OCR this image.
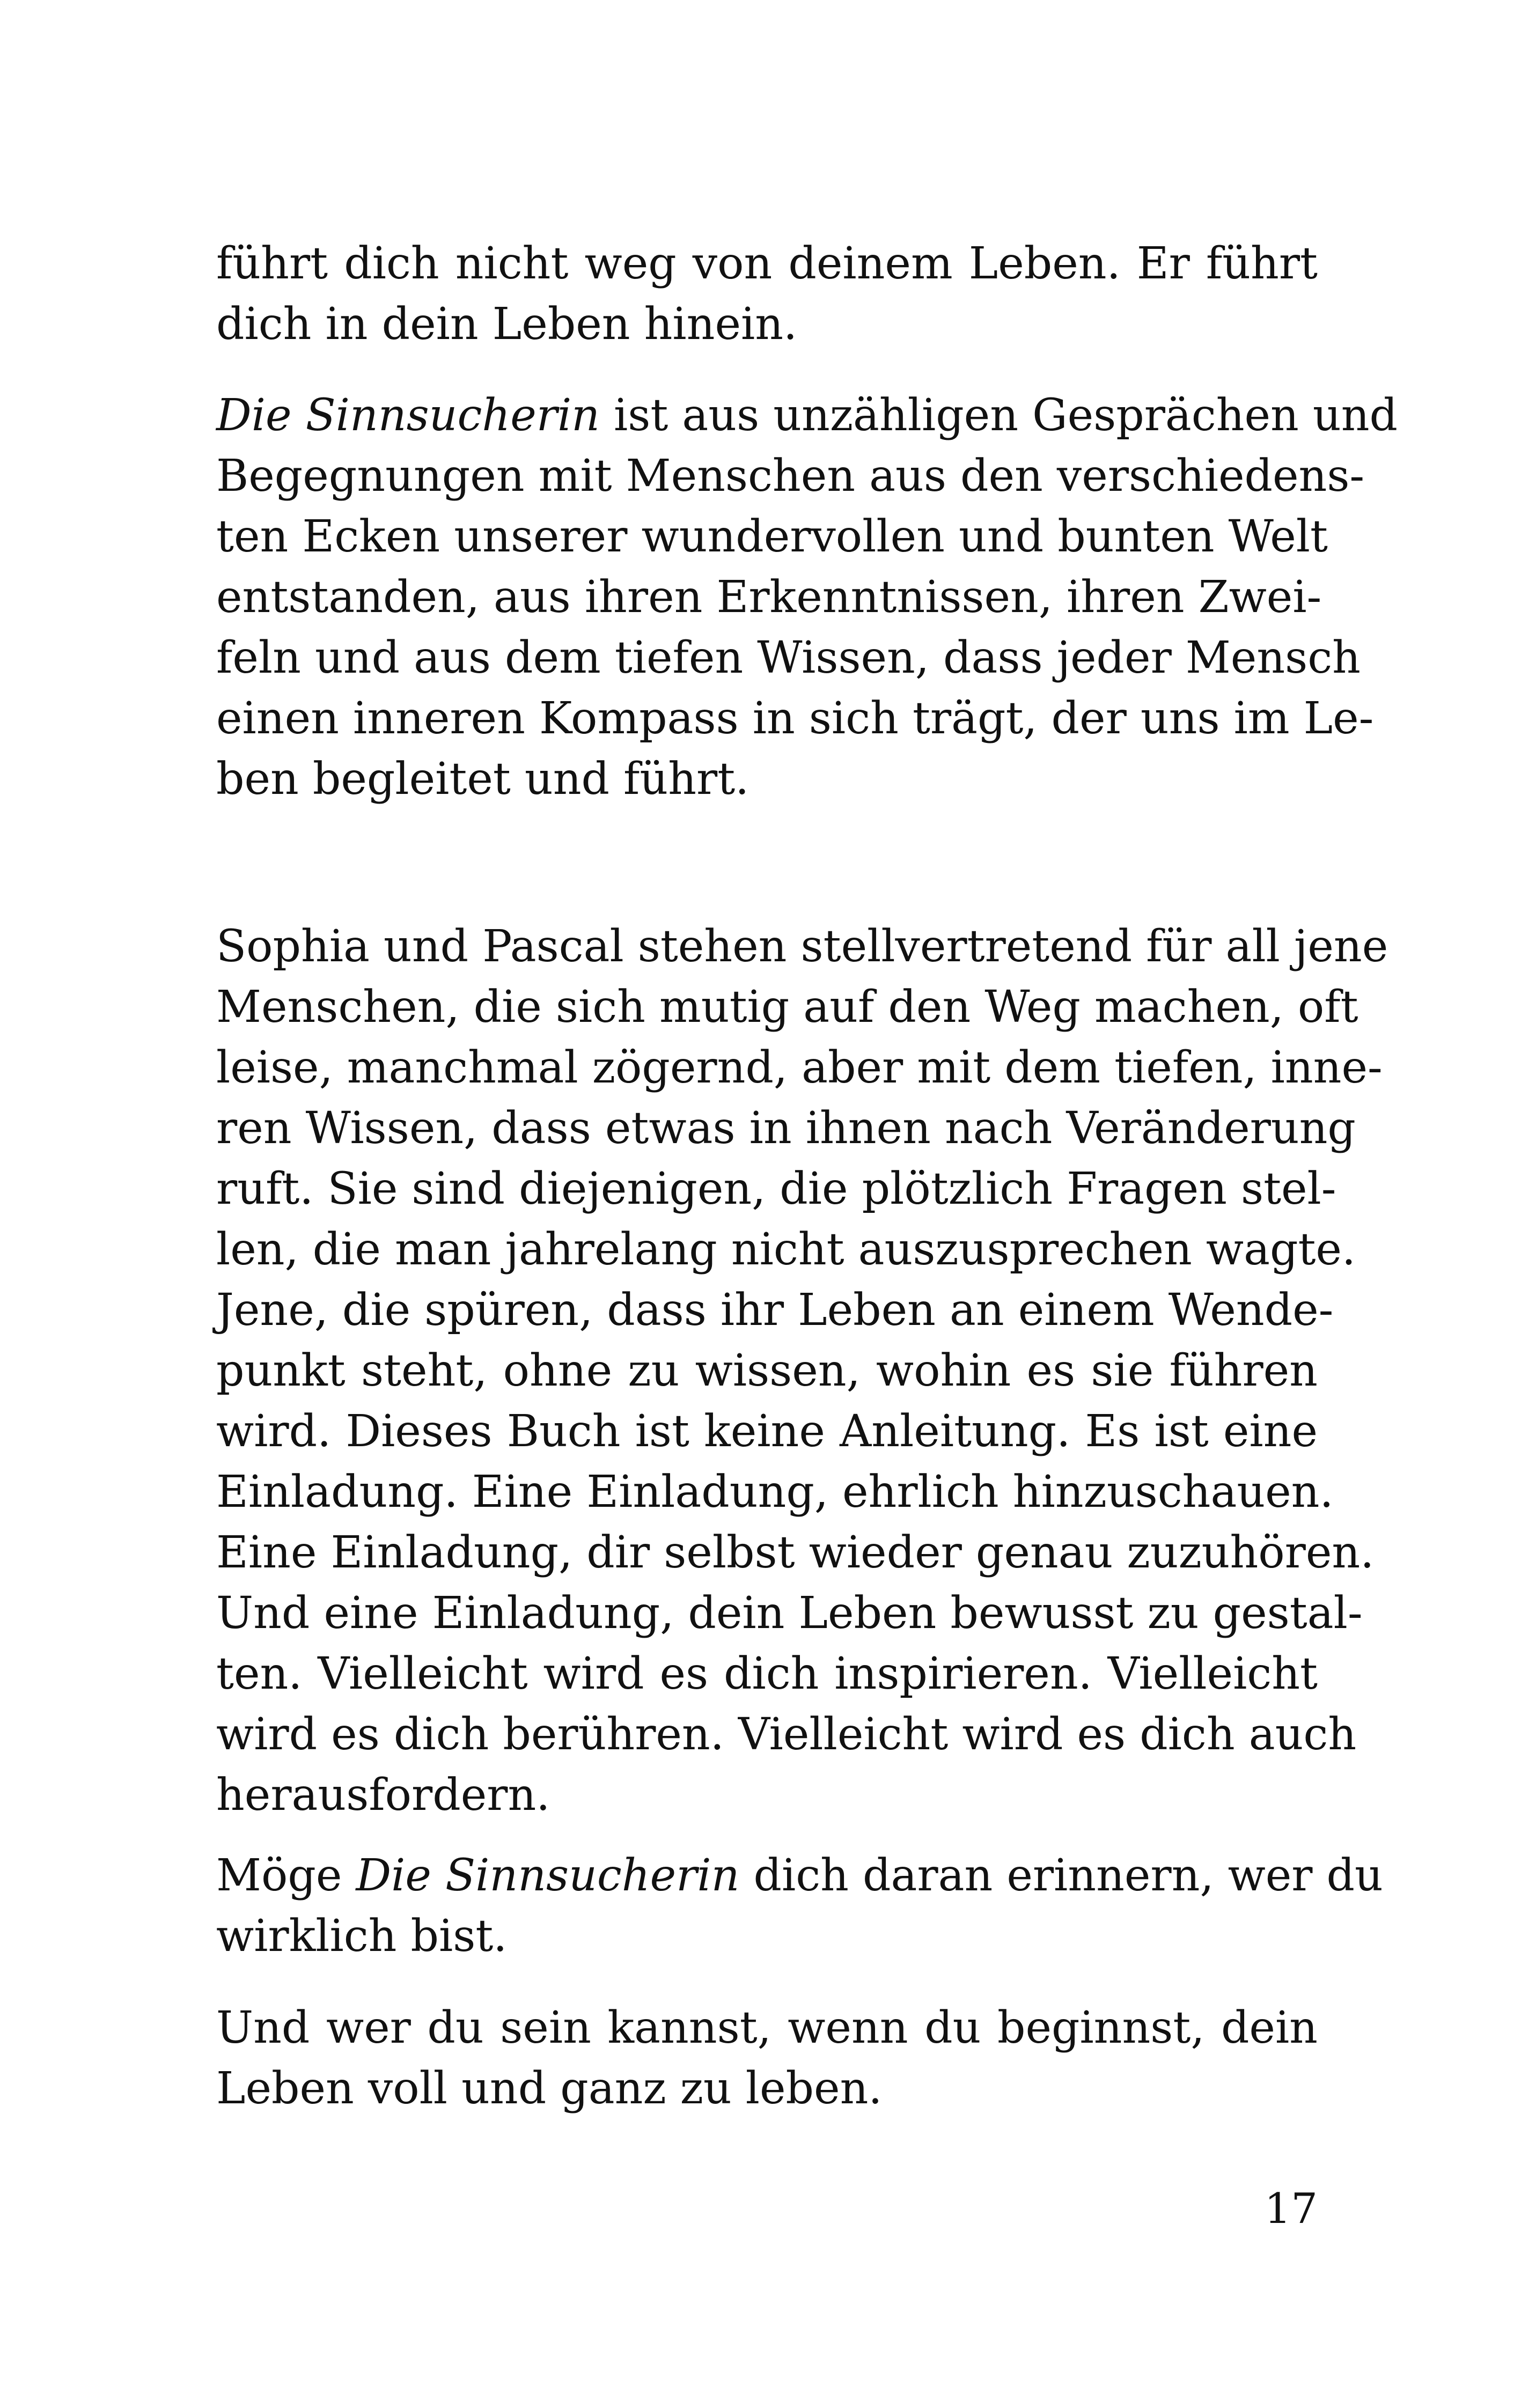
führt dich nicht weg von deinem Leben. Er führt
dich in dein Leben hinein.
Die Sinnsucherin ist aus unzähligen Gesprächen und
Begegnungen mit Menschen aus den verschiedens-
ten Ecken unserer wundervollen und bunten Welt
entstanden, aus ihren Erkenntnissen, ihren Zwei-
feln und aus dem tiefen Wissen, dass jeder Mensch
einen inneren Kompass in sich trägt, der uns im Le-
ben begleitet und führt.
Sophia und Pascal stehen stellvertretend für all jene
Menschen, die sich mutig auf den Weg machen, oft
leise, manchmal zögernd, aber mit dem tiefen, inne-
ren Wissen, dass etwas in ihnen nach Veränderung
ruft. Sie sind diejenigen, die plötzlich Fragen stel-
len, die man jahrelang nicht auszusprechen wagte.
Jene, die spüren, dass ihr Leben an einem Wende-
punkt steht, ohne zu wissen, wohin es sie führen
wird. Dieses Buch ist keine Anleitung. Es ist eine
Einladung. Eine Einladung, ehrlich hinzuschauen.
Eine Einladung, dir selbst wieder genau zuzuhören.
Und eine Einladung, dein Leben bewusst zu gestal-
ten. Vielleicht wird es dich inspirieren. Vielleicht
wird es dich berühren. Vielleicht wird es dich auch
herausfordern.
Möge Die Sinnsucherin dich daran erinnern, wer du
wirklich bist.
Und wer du sein kannst, wenn du beginnst, dein
Leben voll und ganz zu leben.
17
